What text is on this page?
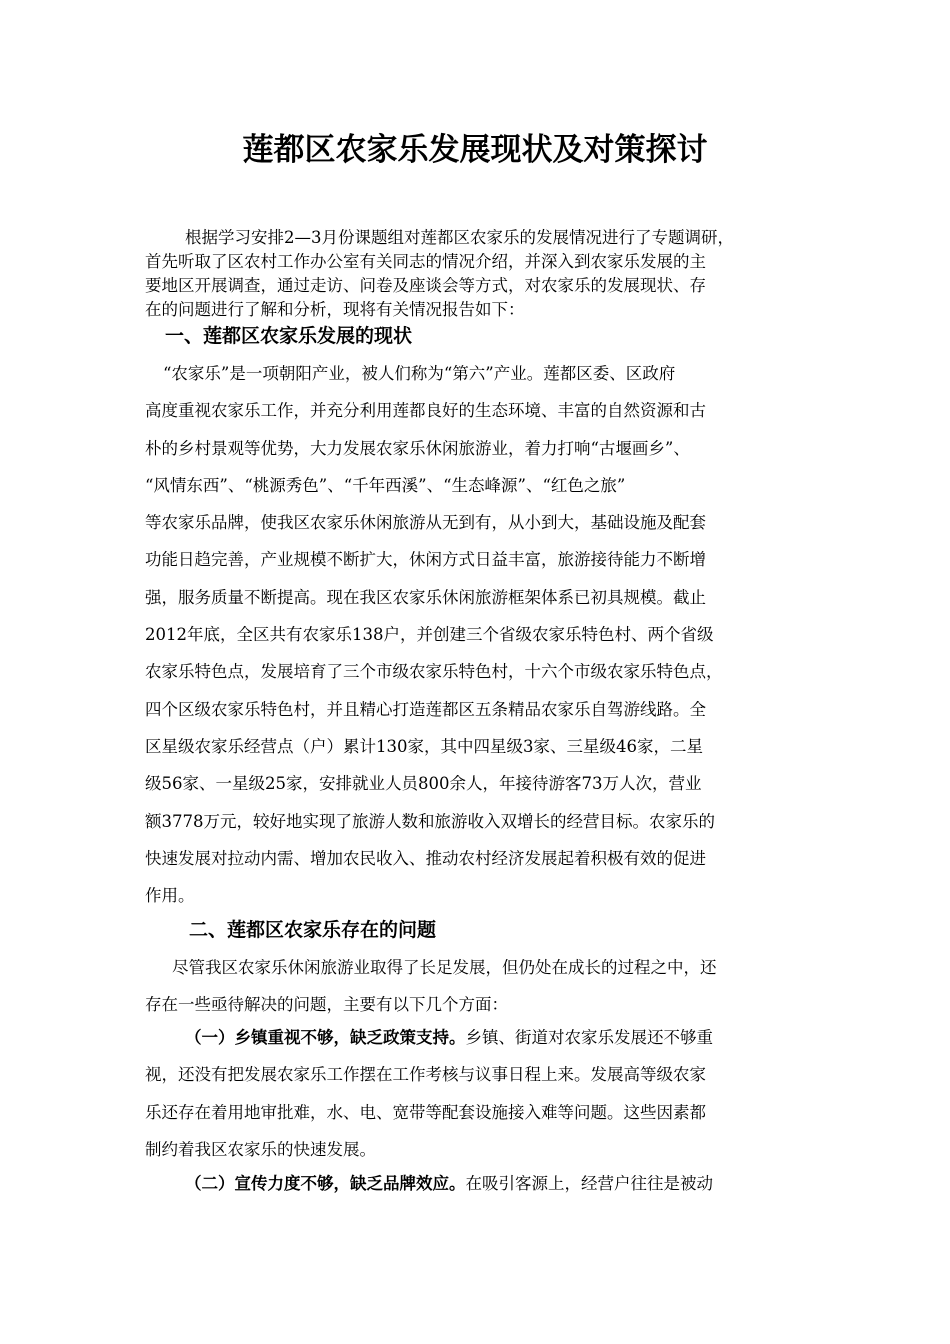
莲都区农家乐发展现状及对策探讨
根据学习安排2—3月份课题组对莲都区农家乐的发展情况进行了专题调研，
首先听取了区农村工作办公室有关同志的情况介绍，并深入到农家乐发展的主
要地区开展调查，通过走访、问卷及座谈会等方式，对农家乐的发展现状、存
在的问题进行了解和分析，现将有关情况报告如下：
一、莲都区农家乐发展的现状
“农家乐”是一项朝阳产业，被人们称为“第六”产业。莲都区委、区政府
高度重视农家乐工作，并充分利用莲都良好的生态环境、丰富的自然资源和古
朴的乡村景观等优势，大力发展农家乐休闲旅游业，着力打响“古堰画乡”、
“风情东西”、“桃源秀色”、“千年西溪”、“生态峰源”、“红色之旅”
等农家乐品牌，使我区农家乐休闲旅游从无到有，从小到大，基础设施及配套
功能日趋完善，产业规模不断扩大，休闲方式日益丰富，旅游接待能力不断增
强，服务质量不断提高。现在我区农家乐休闲旅游框架体系已初具规模。截止
2012年底，全区共有农家乐138户，并创建三个省级农家乐特色村、两个省级
农家乐特色点，发展培育了三个市级农家乐特色村，十六个市级农家乐特色点，
四个区级农家乐特色村，并且精心打造莲都区五条精品农家乐自驾游线路。全
区星级农家乐经营点（户）累计130家，其中四星级3家、三星级46家，二星
级56家、一星级25家，安排就业人员800余人，年接待游客73万人次，营业
额3778万元，较好地实现了旅游人数和旅游收入双增长的经营目标。农家乐的
快速发展对拉动内需、增加农民收入、推动农村经济发展起着积极有效的促进
作用。
二、莲都区农家乐存在的问题
尽管我区农家乐休闲旅游业取得了长足发展，但仍处在成长的过程之中，还
存在一些亟待解决的问题，主要有以下几个方面：
（一）乡镇重视不够，缺乏政策支持。乡镇、街道对农家乐发展还不够重
视，还没有把发展农家乐工作摆在工作考核与议事日程上来。发展高等级农家
乐还存在着用地审批难，水、电、宽带等配套设施接入难等问题。这些因素都
制约着我区农家乐的快速发展。
（二）宣传力度不够，缺乏品牌效应。在吸引客源上，经营户往往是被动
